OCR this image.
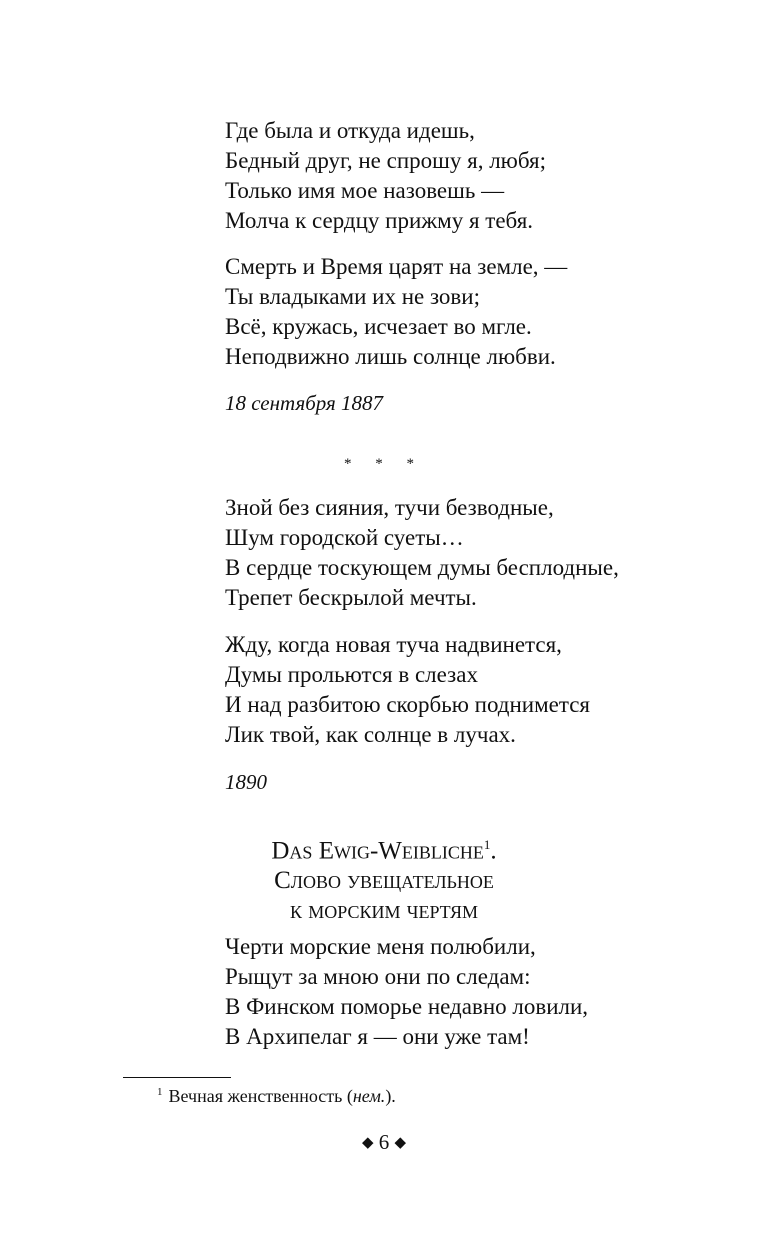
Где была и откуда идешь,
Бедный друг, не спрошу я, любя;
Только имя мое назовешь —
Молча к сердцу прижму я тебя.
Смерть и Время царят на земле, —
Ты владыками их не зови;
Всё, кружась, исчезает во мгле.
Неподвижно лишь солнце любви.
18 сентября 1887
* * *
Зной без сияния, тучи безводные,
Шум городской суеты…
В сердце тоскующем думы бесплодные,
Трепет бескрылой мечты.
Жду, когда новая туча надвинется,
Думы прольются в слезах
И над разбитою скорбью поднимется
Лик твой, как солнце в лучах.
1890
Das Ewig-Weibliche$^1$.
Слово увещательное
к морским чертям
Черти морские меня полюбили,
Рыщут за мною они по следам:
В Финском поморье недавно ловили,
В Архипелаг я — они уже там!
$^1$ Вечная женственность (нем.).
◆ 6 ◆
